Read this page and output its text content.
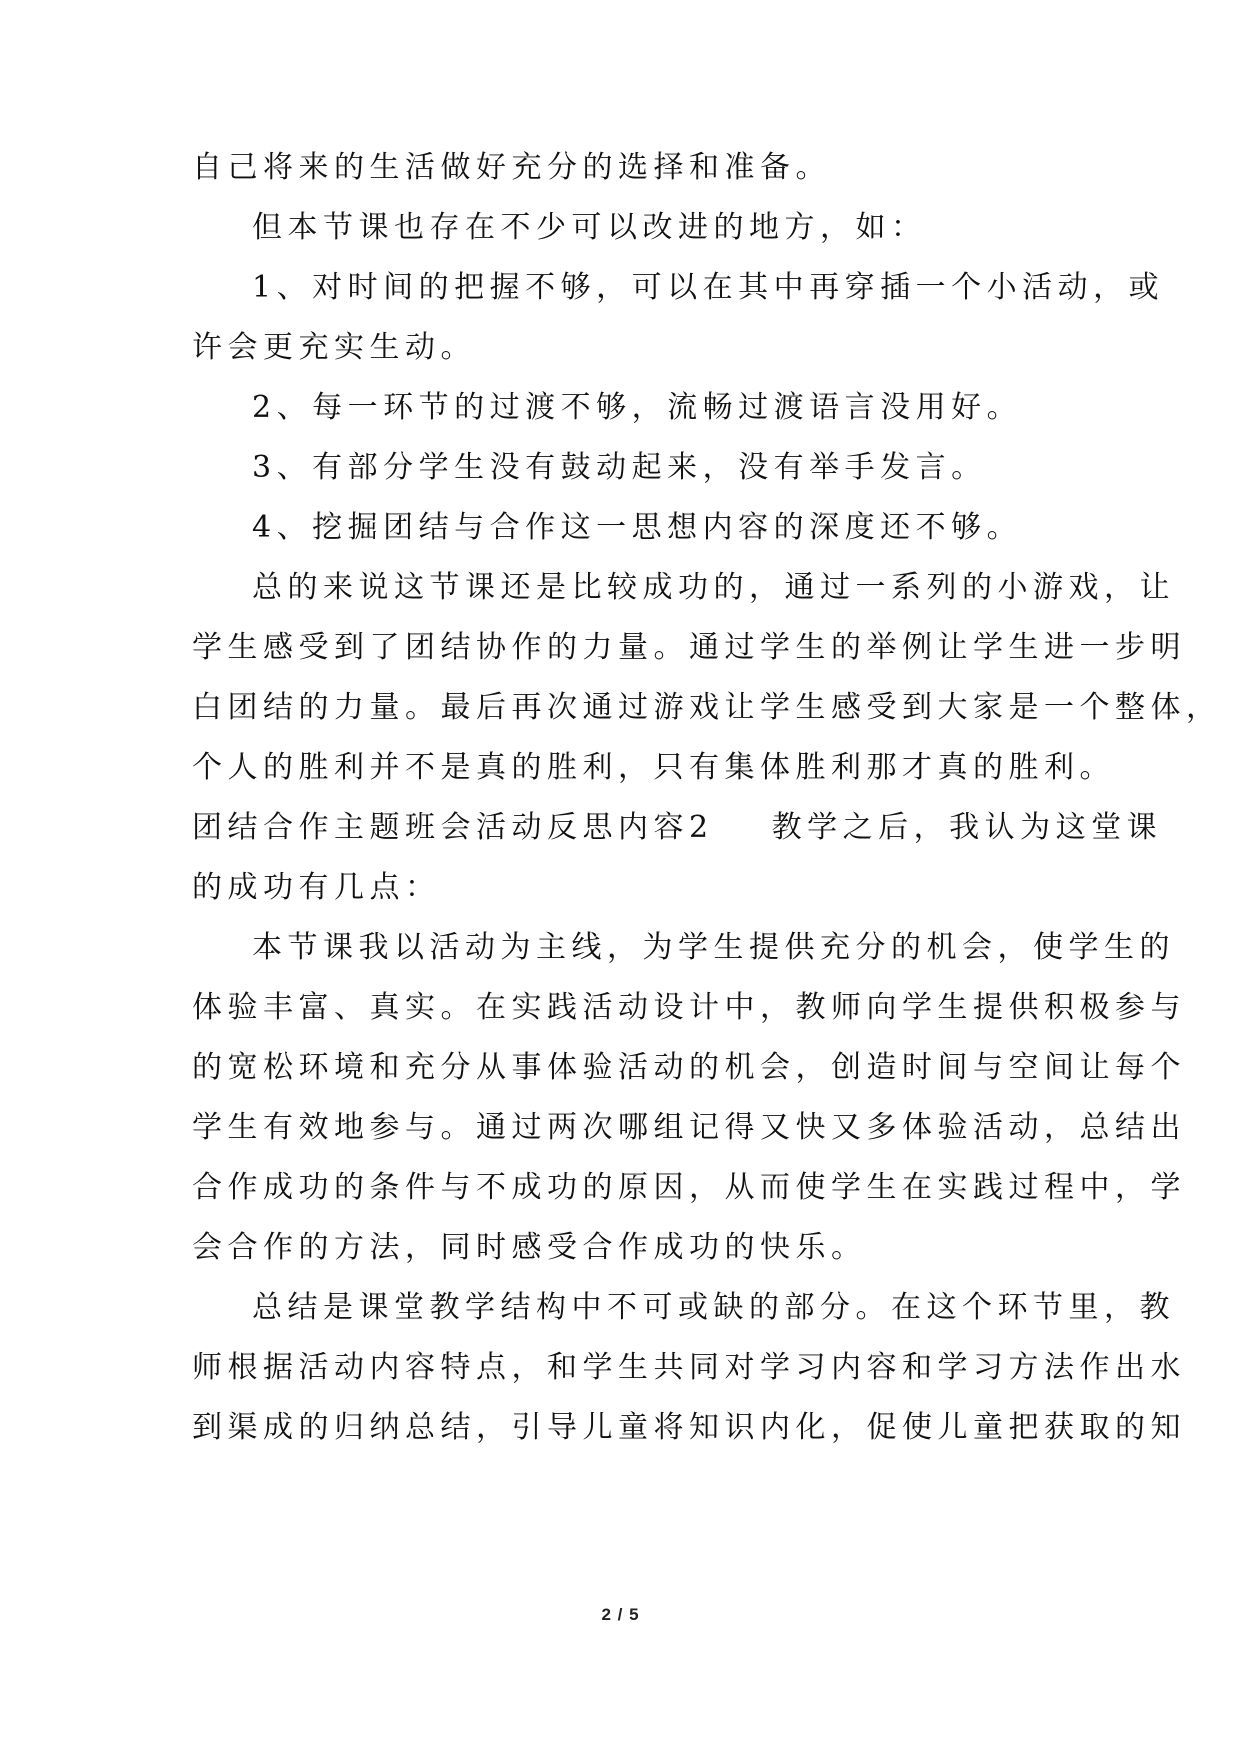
自己将来的生活做好充分的选择和准备。
但本节课也存在不少可以改进的地方，如：
1、对时间的把握不够，可以在其中再穿插一个小活动，或
许会更充实生动。
2、每一环节的过渡不够，流畅过渡语言没用好。
3、有部分学生没有鼓动起来，没有举手发言。
4、挖掘团结与合作这一思想内容的深度还不够。
总的来说这节课还是比较成功的，通过一系列的小游戏，让
学生感受到了团结协作的力量。通过学生的举例让学生进一步明
白团结的力量。最后再次通过游戏让学生感受到大家是一个整体，
个人的胜利并不是真的胜利，只有集体胜利那才真的胜利。
团结合作主题班会活动反思内容2 教学之后，我认为这堂课
的成功有几点：
本节课我以活动为主线，为学生提供充分的机会，使学生的
体验丰富、真实。在实践活动设计中，教师向学生提供积极参与
的宽松环境和充分从事体验活动的机会，创造时间与空间让每个
学生有效地参与。通过两次哪组记得又快又多体验活动，总结出
合作成功的条件与不成功的原因，从而使学生在实践过程中，学
会合作的方法，同时感受合作成功的快乐。
总结是课堂教学结构中不可或缺的部分。在这个环节里，教
师根据活动内容特点，和学生共同对学习内容和学习方法作出水
到渠成的归纳总结，引导儿童将知识内化，促使儿童把获取的知
2 / 5
